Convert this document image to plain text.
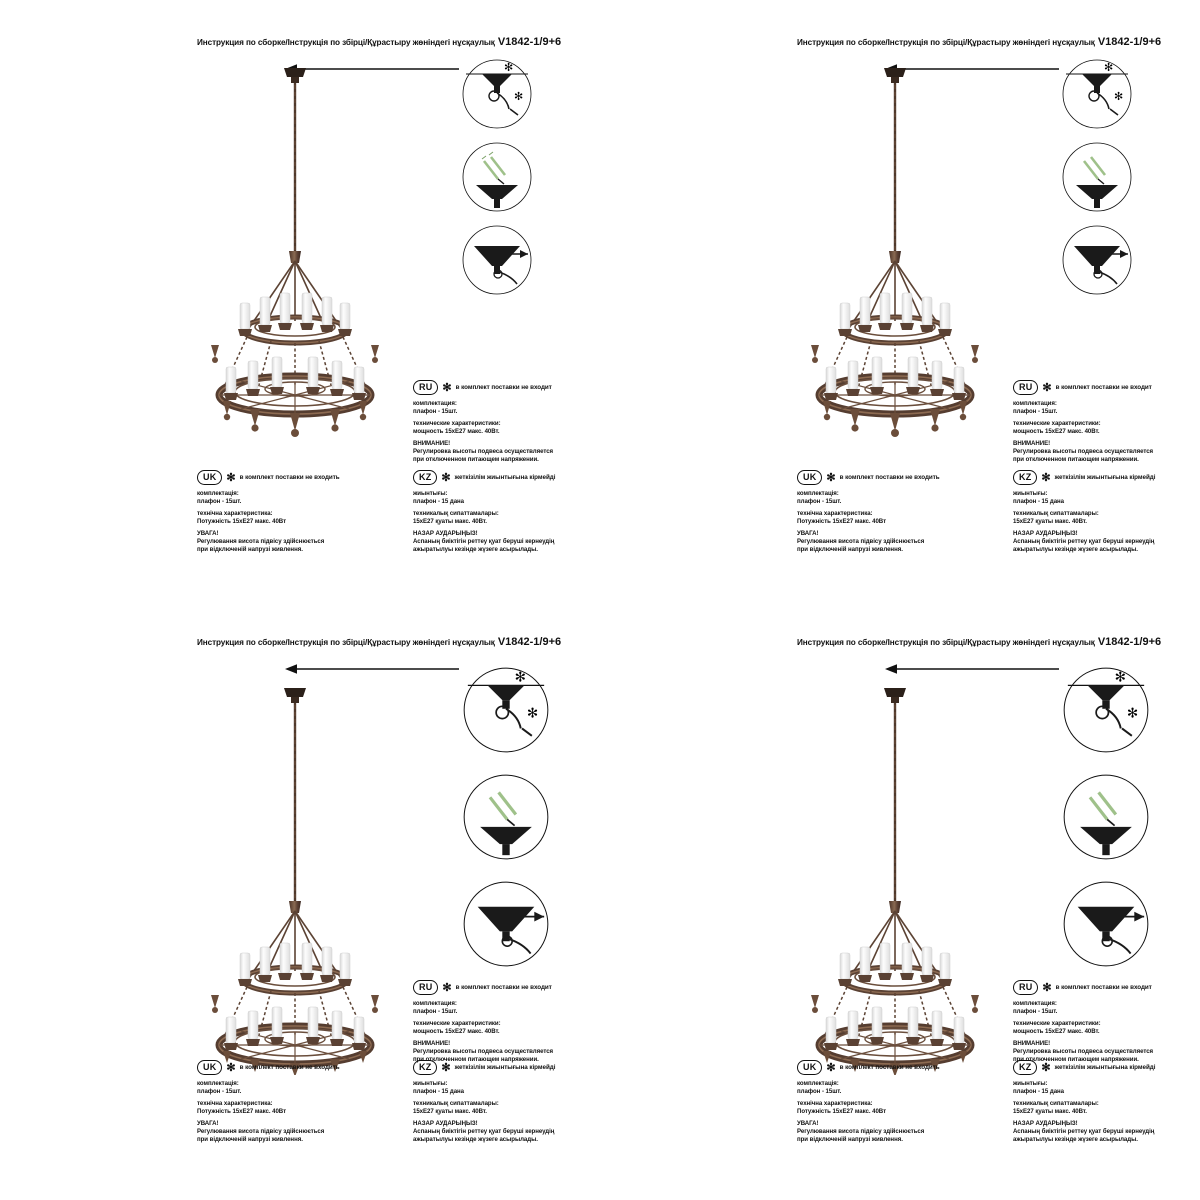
Инструкция по сборке/Інструкція по збірці/Құрастыру жөніндегі нұсқаулық V1842-1/9+6
✻
✻

RU ✻ в комплект поставки не входит
комплектация:
плафон - 15шт.
технические характеристики:
мощность 15хЕ27 макс. 40Вт.
ВНИМАНИЕ!
Регулировка высоты подвеса осуществляется
при отключенном питающем напряжении.
UK ✻ в комплект поставки не входить
комплектація:
плафон - 15шт.
технічна характеристика:
Потужність 15хЕ27 макс. 40Вт
УВАГА!
Регулювання висота підвісу здійснюється
при відключеній напрузі живлення.
KZ ✻ жеткізілім жиынтығына кірмейді
жиынтығы:
плафон - 15 дана
техникалық сипаттамалары:
15хЕ27 қуаты макс. 40Вт.
НАЗАР АУДАРЫҢЫЗ!
Аспаның биіктігін реттеу қуат беруші кернеудің
ажыратылуы кезінде жүзеге асырылады.
Инструкция по сборке/Інструкція по збірці/Құрастыру жөніндегі нұсқаулық V1842-1/9+6
✻
✻

RU ✻ в комплект поставки не входит
комплектация:
плафон - 15шт.
технические характеристики:
мощность 15хЕ27 макс. 40Вт.
ВНИМАНИЕ!
Регулировка высоты подвеса осуществляется
при отключенном питающем напряжении.
UK ✻ в комплект поставки не входить
комплектація:
плафон - 15шт.
технічна характеристика:
Потужність 15хЕ27 макс. 40Вт
УВАГА!
Регулювання висота підвісу здійснюється
при відключеній напрузі живлення.
KZ ✻ жеткізілім жиынтығына кірмейді
жиынтығы:
плафон - 15 дана
техникалық сипаттамалары:
15хЕ27 қуаты макс. 40Вт.
НАЗАР АУДАРЫҢЫЗ!
Аспаның биіктігін реттеу қуат беруші кернеудің
ажыратылуы кезінде жүзеге асырылады.
Инструкция по сборке/Інструкція по збірці/Құрастыру жөніндегі нұсқаулық V1842-1/9+6
✻
✻

RU ✻ в комплект поставки не входит
комплектация:
плафон - 15шт.
технические характеристики:
мощность 15хЕ27 макс. 40Вт.
ВНИМАНИЕ!
Регулировка высоты подвеса осуществляется
при отключенном питающем напряжении.
UK ✻ в комплект поставки не входить
комплектація:
плафон - 15шт.
технічна характеристика:
Потужність 15хЕ27 макс. 40Вт
УВАГА!
Регулювання висота підвісу здійснюється
при відключеній напрузі живлення.
KZ ✻ жеткізілім жиынтығына кірмейді
жиынтығы:
плафон - 15 дана
техникалық сипаттамалары:
15хЕ27 қуаты макс. 40Вт.
НАЗАР АУДАРЫҢЫЗ!
Аспаның биіктігін реттеу қуат беруші кернеудің
ажыратылуы кезінде жүзеге асырылады.
Инструкция по сборке/Інструкція по збірці/Құрастыру жөніндегі нұсқаулық V1842-1/9+6
✻
✻

RU ✻ в комплект поставки не входит
комплектация:
плафон - 15шт.
технические характеристики:
мощность 15хЕ27 макс. 40Вт.
ВНИМАНИЕ!
Регулировка высоты подвеса осуществляется
при отключенном питающем напряжении.
UK ✻ в комплект поставки не входить
комплектація:
плафон - 15шт.
технічна характеристика:
Потужність 15хЕ27 макс. 40Вт
УВАГА!
Регулювання висота підвісу здійснюється
при відключеній напрузі живлення.
KZ ✻ жеткізілім жиынтығына кірмейді
жиынтығы:
плафон - 15 дана
техникалық сипаттамалары:
15хЕ27 қуаты макс. 40Вт.
НАЗАР АУДАРЫҢЫЗ!
Аспаның биіктігін реттеу қуат беруші кернеудің
ажыратылуы кезінде жүзеге асырылады.
